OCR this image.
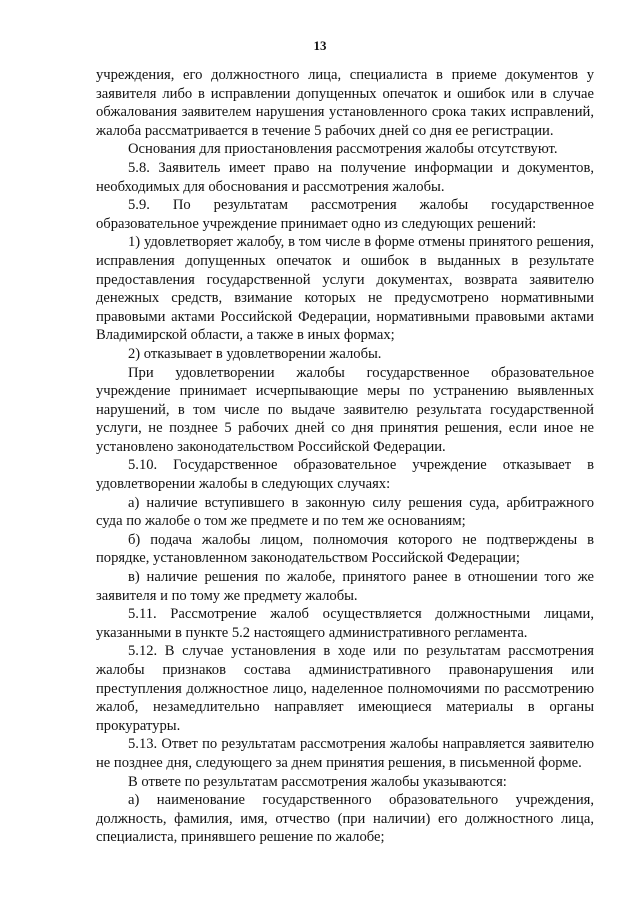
13

учреждения, его должностного лица, специалиста в приеме документов у заявителя либо в исправлении допущенных опечаток и ошибок или в случае обжалования заявителем нарушения установленного срока таких исправлений, жалоба рассматривается в течение 5 рабочих дней со дня ее регистрации.

Основания для приостановления рассмотрения жалобы отсутствуют.

5.8. Заявитель имеет право на получение информации и документов, необходимых для обоснования и рассмотрения жалобы.

5.9. По результатам рассмотрения жалобы государственное образовательное учреждение принимает одно из следующих решений:

1) удовлетворяет жалобу, в том числе в форме отмены принятого решения, исправления допущенных опечаток и ошибок в выданных в результате предоставления государственной услуги документах, возврата заявителю денежных средств, взимание которых не предусмотрено нормативными правовыми актами Российской Федерации, нормативными правовыми актами Владимирской области, а также в иных формах;

2) отказывает в удовлетворении жалобы.

При удовлетворении жалобы государственное образовательное учреждение принимает исчерпывающие меры по устранению выявленных нарушений, в том числе по выдаче заявителю результата государственной услуги, не позднее 5 рабочих дней со дня принятия решения, если иное не установлено законодательством Российской Федерации.

5.10. Государственное образовательное учреждение отказывает в удовлетворении жалобы в следующих случаях:

а) наличие вступившего в законную силу решения суда, арбитражного суда по жалобе о том же предмете и по тем же основаниям;

б) подача жалобы лицом, полномочия которого не подтверждены в порядке, установленном законодательством Российской Федерации;

в) наличие решения по жалобе, принятого ранее в отношении того же заявителя и по тому же предмету жалобы.

5.11. Рассмотрение жалоб осуществляется должностными лицами, указанными в пункте 5.2 настоящего административного регламента.

5.12. В случае установления в ходе или по результатам рассмотрения жалобы признаков состава административного правонарушения или преступления должностное лицо, наделенное полномочиями по рассмотрению жалоб, незамедлительно направляет имеющиеся материалы в органы прокуратуры.

5.13. Ответ по результатам рассмотрения жалобы направляется заявителю не позднее дня, следующего за днем принятия решения, в письменной форме.

В ответе по результатам рассмотрения жалобы указываются:

а) наименование государственного образовательного учреждения, должность, фамилия, имя, отчество (при наличии) его должностного лица, специалиста, принявшего решение по жалобе;
